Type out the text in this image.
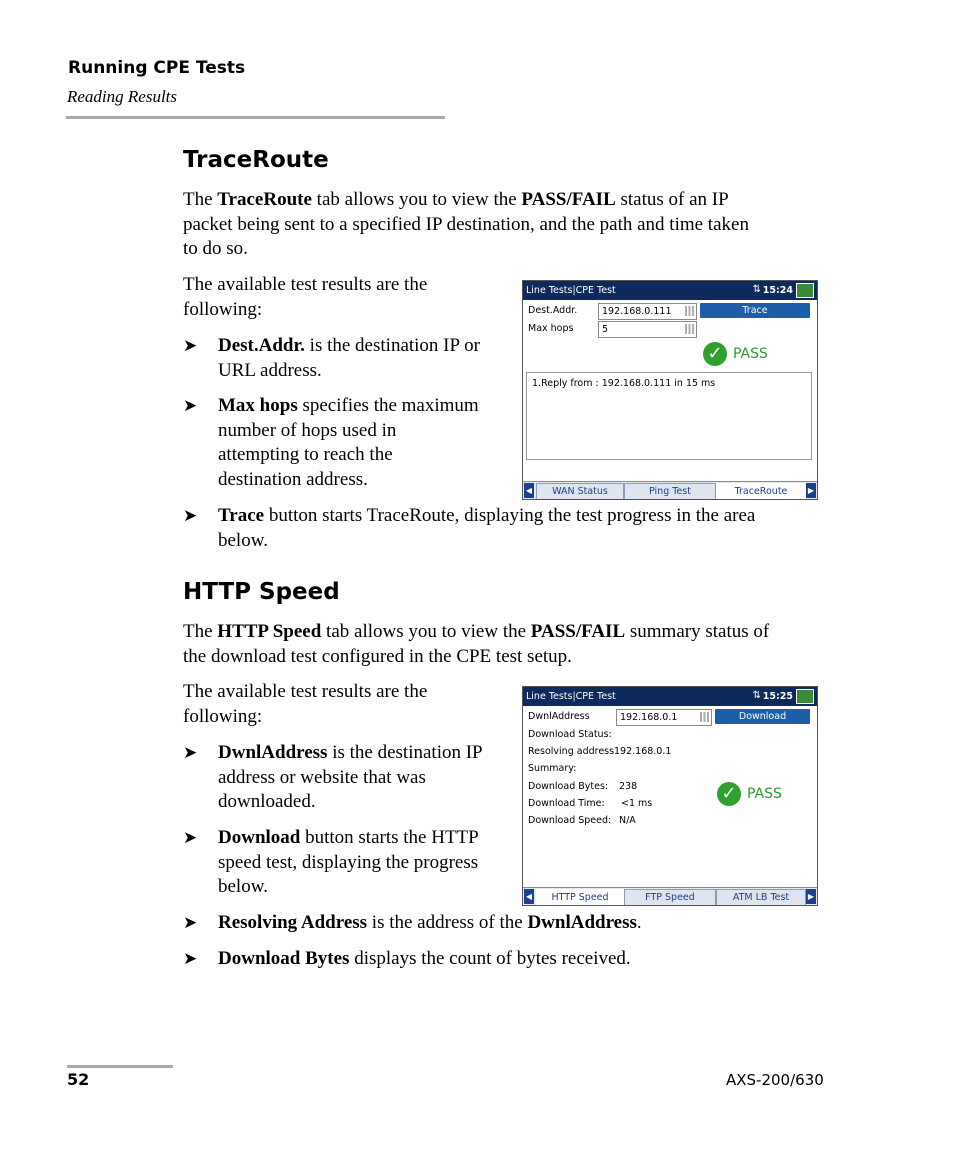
Running CPE Tests
Reading Results
TraceRoute
The TraceRoute tab allows you to view the PASS/FAIL status of an IP
packet being sent to a specified IP destination, and the path and time taken
to do so.
The available test results are the
following:
➤ Dest.Addr. is the destination IP or
URL address.
➤ Max hops specifies the maximum
number of hops used in
attempting to reach the
destination address.
➤ Trace button starts TraceRoute, displaying the test progress in the area
below.
Line Tests|CPE Test	⇅ 15:24
Dest.Addr.	192.168.0.111
Max hops	5
Trace
✓ PASS
1.Reply from : 192.168.0.111 in 15 ms
◀	WAN Status	Ping Test	TraceRoute	▶
HTTP Speed
The HTTP Speed tab allows you to view the PASS/FAIL summary status of
the download test configured in the CPE test setup.
The available test results are the
following:
➤ DwnlAddress is the destination IP
address or website that was
downloaded.
➤ Download button starts the HTTP
speed test, displaying the progress
below.
➤ Resolving Address is the address of the DwnlAddress.
➤ Download Bytes displays the count of bytes received.
Line Tests|CPE Test	⇅ 15:25
DwnlAddress	192.168.0.1	Download
Download Status:
Resolving address 192.168.0.1
Summary:
Download Bytes: 238
Download Time: <1 ms
Download Speed: N/A
✓ PASS
◀	HTTP Speed	FTP Speed	ATM LB Test	▶
52	AXS-200/630
